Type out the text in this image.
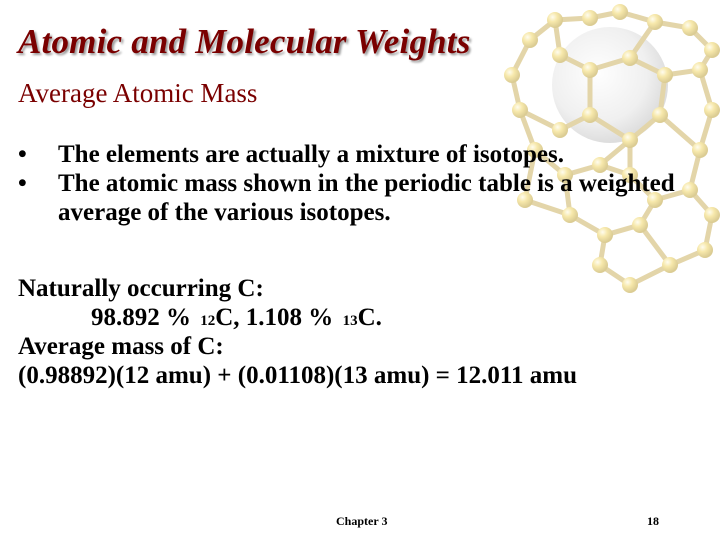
Atomic and Molecular Weights
Average Atomic Mass
• The elements are actually a mixture of isotopes.
• The atomic mass shown in the periodic table is a weighted average of the various isotopes.
Naturally occurring C:
98.892 % $^{12}$C, 1.108 % $^{13}$C.
Average mass of C:
(0.98892)(12 amu) + (0.01108)(13 amu) = 12.011 amu
Chapter 3	18
